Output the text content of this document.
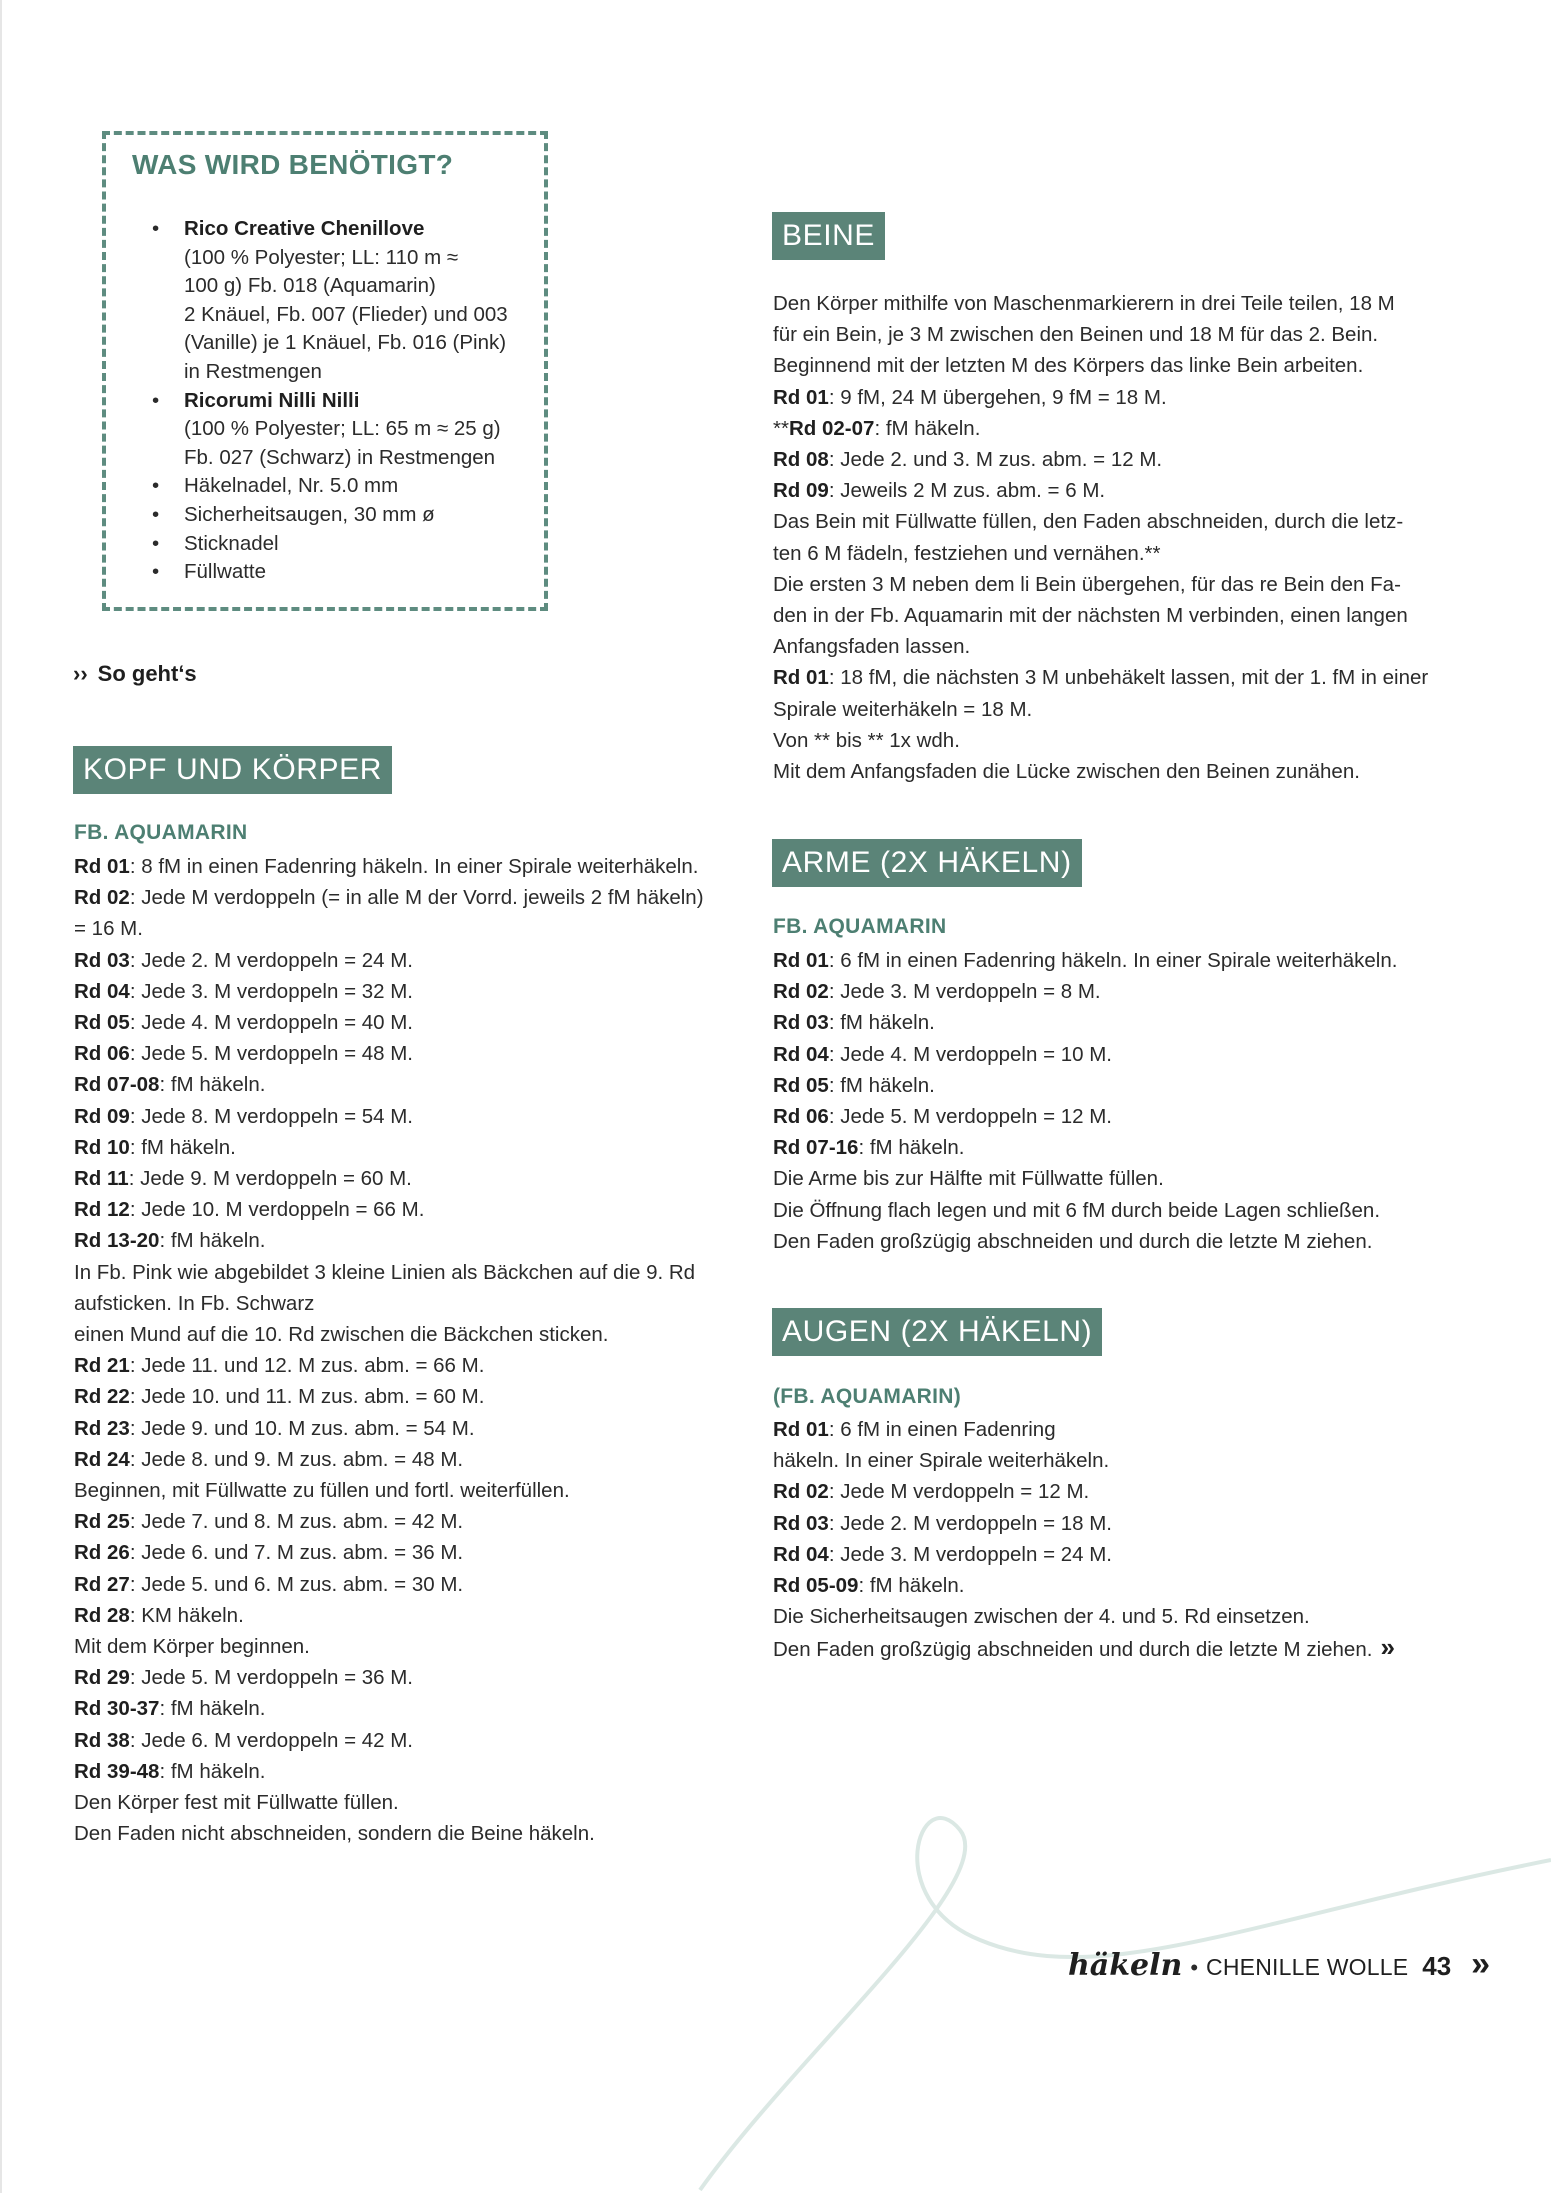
WAS WIRD BENÖTIGT?
• Rico Creative Chenillove
(100 % Polyester; LL: 110 m ≈
100 g) Fb. 018 (Aquamarin)
2 Knäuel, Fb. 007 (Flieder) und 003
(Vanille) je 1 Knäuel, Fb. 016 (Pink)
in Restmengen
• Ricorumi Nilli Nilli
(100 % Polyester; LL: 65 m ≈ 25 g)
Fb. 027 (Schwarz) in Restmengen
• Häkelnadel, Nr. 5.0 mm
• Sicherheitsaugen, 30 mm ø
• Sticknadel
• Füllwatte
›› So geht‘s
KOPF UND KÖRPER
FB. AQUAMARIN
Rd 01: 8 fM in einen Fadenring häkeln. In einer Spirale weiterhäkeln.
Rd 02: Jede M verdoppeln (= in alle M der Vorrd. jeweils 2 fM häkeln)
= 16 M.
Rd 03: Jede 2. M verdoppeln = 24 M.
Rd 04: Jede 3. M verdoppeln = 32 M.
Rd 05: Jede 4. M verdoppeln = 40 M.
Rd 06: Jede 5. M verdoppeln = 48 M.
Rd 07-08: fM häkeln.
Rd 09: Jede 8. M verdoppeln = 54 M.
Rd 10: fM häkeln.
Rd 11: Jede 9. M verdoppeln = 60 M.
Rd 12: Jede 10. M verdoppeln = 66 M.
Rd 13-20: fM häkeln.
In Fb. Pink wie abgebildet 3 kleine Linien als Bäckchen auf die 9. Rd
aufsticken. In Fb. Schwarz
einen Mund auf die 10. Rd zwischen die Bäckchen sticken.
Rd 21: Jede 11. und 12. M zus. abm. = 66 M.
Rd 22: Jede 10. und 11. M zus. abm. = 60 M.
Rd 23: Jede 9. und 10. M zus. abm. = 54 M.
Rd 24: Jede 8. und 9. M zus. abm. = 48 M.
Beginnen, mit Füllwatte zu füllen und fortl. weiterfüllen.
Rd 25: Jede 7. und 8. M zus. abm. = 42 M.
Rd 26: Jede 6. und 7. M zus. abm. = 36 M.
Rd 27: Jede 5. und 6. M zus. abm. = 30 M.
Rd 28: KM häkeln.
Mit dem Körper beginnen.
Rd 29: Jede 5. M verdoppeln = 36 M.
Rd 30-37: fM häkeln.
Rd 38: Jede 6. M verdoppeln = 42 M.
Rd 39-48: fM häkeln.
Den Körper fest mit Füllwatte füllen.
Den Faden nicht abschneiden, sondern die Beine häkeln.
BEINE
Den Körper mithilfe von Maschenmarkierern in drei Teile teilen, 18 M
für ein Bein, je 3 M zwischen den Beinen und 18 M für das 2. Bein.
Beginnend mit der letzten M des Körpers das linke Bein arbeiten.
Rd 01: 9 fM, 24 M übergehen, 9 fM = 18 M.
**Rd 02-07: fM häkeln.
Rd 08: Jede 2. und 3. M zus. abm. = 12 M.
Rd 09: Jeweils 2 M zus. abm. = 6 M.
Das Bein mit Füllwatte füllen, den Faden abschneiden, durch die letz-
ten 6 M fädeln, festziehen und vernähen.**
Die ersten 3 M neben dem li Bein übergehen, für das re Bein den Fa-
den in der Fb. Aquamarin mit der nächsten M verbinden, einen langen
Anfangsfaden lassen.
Rd 01: 18 fM, die nächsten 3 M unbehäkelt lassen, mit der 1. fM in einer
Spirale weiterhäkeln = 18 M.
Von ** bis ** 1x wdh.
Mit dem Anfangsfaden die Lücke zwischen den Beinen zunähen.
ARME (2X HÄKELN)
FB. AQUAMARIN
Rd 01: 6 fM in einen Fadenring häkeln. In einer Spirale weiterhäkeln.
Rd 02: Jede 3. M verdoppeln = 8 M.
Rd 03: fM häkeln.
Rd 04: Jede 4. M verdoppeln = 10 M.
Rd 05: fM häkeln.
Rd 06: Jede 5. M verdoppeln = 12 M.
Rd 07-16: fM häkeln.
Die Arme bis zur Hälfte mit Füllwatte füllen.
Die Öffnung flach legen und mit 6 fM durch beide Lagen schließen.
Den Faden großzügig abschneiden und durch die letzte M ziehen.
AUGEN (2X HÄKELN)
(FB. AQUAMARIN)
Rd 01: 6 fM in einen Fadenring
häkeln. In einer Spirale weiterhäkeln.
Rd 02: Jede M verdoppeln = 12 M.
Rd 03: Jede 2. M verdoppeln = 18 M.
Rd 04: Jede 3. M verdoppeln = 24 M.
Rd 05-09: fM häkeln.
Die Sicherheitsaugen zwischen der 4. und 5. Rd einsetzen.
Den Faden großzügig abschneiden und durch die letzte M ziehen. »
häkeln • CHENILLE WOLLE 43 »
